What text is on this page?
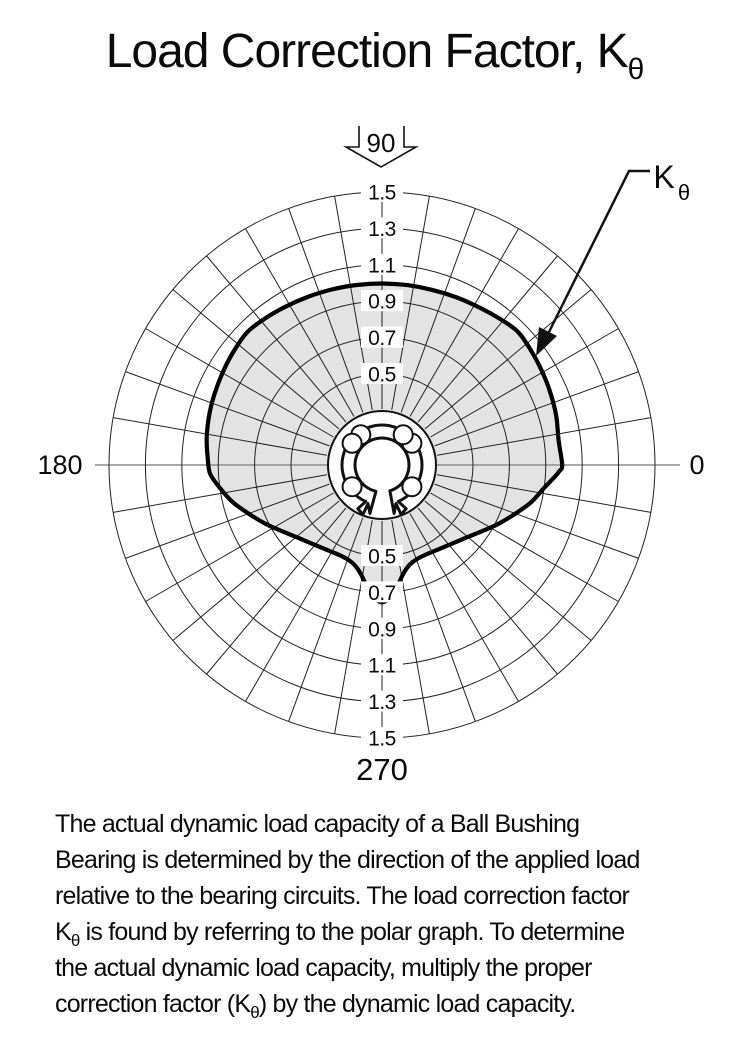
Load Correction Factor, $K_\theta$
0.5
0.5
0.7
0.7
0.9
0.9
1.1
1.1
1.3
1.3
1.5
1.5
180	0
270
90
K θ
The actual dynamic load capacity of a Ball Bushing
Bearing is determined by the direction of the applied load
relative to the bearing circuits. The load correction factor
$K_\theta$ is found by referring to the polar graph. To determine
the actual dynamic load capacity, multiply the proper
correction factor $(K_\theta)$ by the dynamic load capacity.
